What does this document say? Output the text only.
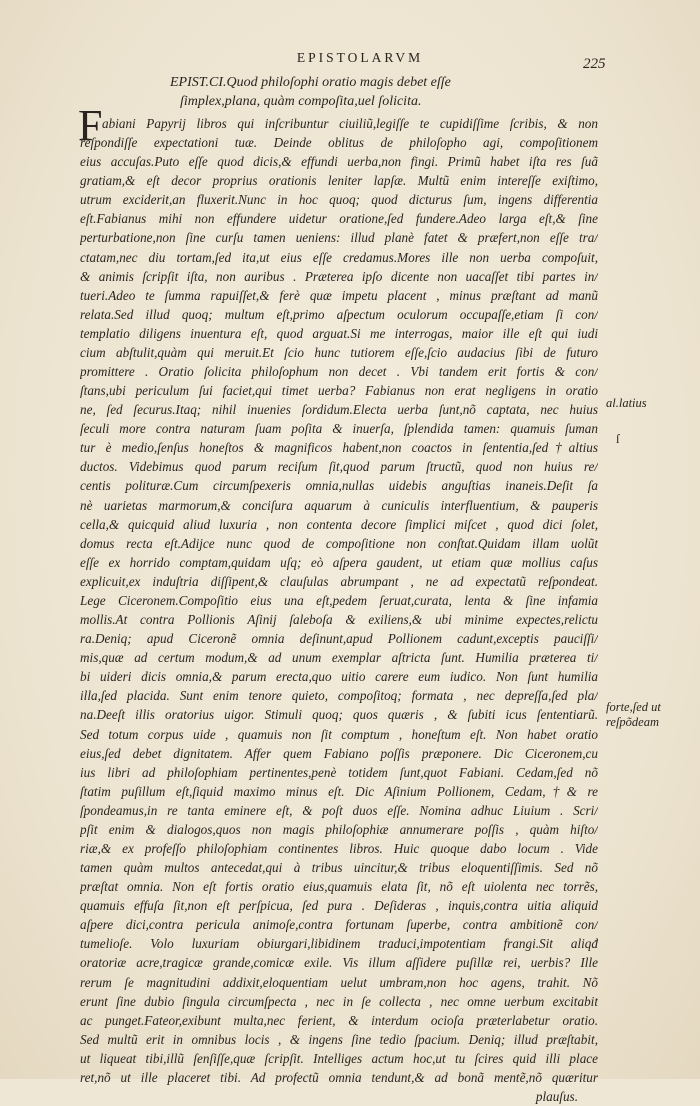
EPISTOLARVM	225
EPIST.CI.Quod philoſophi oratio magis debet eſſe
ſimplex,plana, quàm compoſita,uel ſolicita.
F abiani Papyrij libros qui inſcribuntur ciuiliũ,legiſſe te cupidiſſime ſcribis, & non
reſpondiſſe expectationi tuæ. Deinde oblitus de philoſopho agi, compoſitionem
eius accuſas.Puto eſſe quod dicis,& effundi uerba,non fingi. Primũ habet iſta res ſuã
gratiam,& eſt decor proprius orationis leniter lapſæ. Multũ enim intereſſe exiſtimo,
utrum exciderit,an fluxerit.Nunc in hoc quoq; quod dicturus ſum, ingens differentia
eſt.Fabianus mihi non effundere uidetur oratione,ſed fundere.Adeo larga eſt,& ſine
perturbatione,non ſine curſu tamen ueniens: illud planè fatet & præfert,non eſſe tra/
ctatam,nec diu tortam,ſed ita,ut eius eſſe credamus.Mores ille non uerba compoſuit,
& animis ſcripſit iſta, non auribus . Præterea ipſo dicente non uacaſſet tibi partes in/
tueri.Adeo te ſumma rapuiſſet,& ferè quæ impetu placent , minus præſtant ad manũ
relata.Sed illud quoq; multum eſt,primo aſpectum oculorum occupaſſe,etiam ſi con/
templatio diligens inuentura eſt, quod arguat.Si me interrogas, maior ille eſt qui iudi
cium abſtulit,quàm qui meruit.Et ſcio hunc tutiorem eſſe,ſcio audacius ſibi de futuro
promittere . Oratio ſolicita philoſophum non decet . Vbi tandem erit fortis & con/
ſtans,ubi periculum ſui faciet,qui timet uerba? Fabianus non erat negligens in oratio
ne, ſed ſecurus.Itaq; nihil inuenies ſordidum.Electa uerba ſunt,nõ captata, nec huius
ſeculi more contra naturam ſuam poſita & inuerſa, ſplendida tamen: quamuis ſuman
tur è medio,ſenſus honeſtos & magnificos habent,non coactos in ſententia,ſed†altius
ductos. Videbimus quod parum reciſum ſit,quod parum ſtructũ, quod non huius re/
centis polituræ.Cum circumſpexeris omnia,nullas uidebis anguſtias inaneis.Deſit ſa
nè uarietas marmorum,& conciſura aquarum à cuniculis interfluentium, & pauperis
cella,& quicquid aliud luxuria , non contenta decore ſimplici miſcet , quod dici ſolet,
domus recta eſt.Adijce nunc quod de compoſitione non conſtat.Quidam illam uolũt
eſſe ex horrido comptam,quidam uſq; eò aſpera gaudent, ut etiam quæ mollius caſus
explicuit,ex induſtria diſſipent,& clauſulas abrumpant , ne ad expectatũ reſpondeat.
Lege Ciceronem.Compoſitio eius una eſt,pedem ſeruat,curata, lenta & ſine infamia
mollis.At contra Pollionis Aſinij ſaleboſa & exiliens,& ubi minime expectes,relictu
ra.Deniq; apud Ciceronẽ omnia deſinunt,apud Pollionem cadunt,exceptis pauciſſi/
mis,quæ ad certum modum,& ad unum exemplar aſtricta ſunt. Humilia præterea ti/
bi uideri dicis omnia,& parum erecta,quo uitio carere eum iudico. Non ſunt humilia
illa,ſed placida. Sunt enim tenore quieto, compoſitoq; formata , nec depreſſa,ſed pla/
na.Deeſt illis oratorius uigor. Stimuli quoq; quos quæris , & ſubiti icus ſententiarũ.
Sed totum corpus uide , quamuis non ſit comptum , honeſtum eſt. Non habet oratio
eius,ſed debet dignitatem. Affer quem Fabiano poſſis præponere. Dic Ciceronem,cu
ius libri ad philoſophiam pertinentes,penè totidem ſunt,quot Fabiani. Cedam,ſed nõ
ſtatim puſillum eſt,ſiquid maximo minus eſt. Dic Aſinium Pollionem, Cedam,†& re
ſpondeamus,in re tanta eminere eſt, & poſt duos eſſe. Nomina adhuc Liuium . Scri/
pſit enim & dialogos,quos non magis philoſophiæ annumerare poſſis , quàm hiſto/
riæ,& ex profeſſo philoſophiam continentes libros. Huic quoque dabo locum . Vide
tamen quàm multos antecedat,qui à tribus uincitur,& tribus eloquentiſſimis. Sed nõ
præſtat omnia. Non eſt fortis oratio eius,quamuis elata ſit, nõ eſt uiolenta nec torrẽs,
quamuis effuſa ſit,non eſt perſpicua, ſed pura . Deſideras , inquis,contra uitia aliquid
aſpere dici,contra pericula animoſe,contra fortunam ſuperbe, contra ambitionẽ con/
tumelioſe. Volo luxuriam obiurgari,libidinem traduci,impotentiam frangi.Sit aliqđ
oratoriæ acre,tragicæ grande,comicæ exile. Vis illum aſſidere puſillæ rei, uerbis? Ille
rerum ſe magnitudini addixit,eloquentiam uelut umbram,non hoc agens, trahit. Nõ
erunt ſine dubio ſingula circumſpecta , nec in ſe collecta , nec omne uerbum excitabit
ac punget.Fateor,exibunt multa,nec ferient, & interdum ocioſa præterlabetur oratio.
Sed multũ erit in omnibus locis , & ingens ſine tedio ſpacium. Deniq; illud præſtabit,
ut liqueat tibi,illũ ſenſiſſe,quæ ſcripſit. Intelliges actum hoc,ut tu ſcires quid illi place
ret,nõ ut ille placeret tibi. Ad profectũ omnia tendunt,& ad bonã mentẽ,nõ quæritur
plauſus.
al.latius
ſ
forte,ſed ut
reſpõdeam
